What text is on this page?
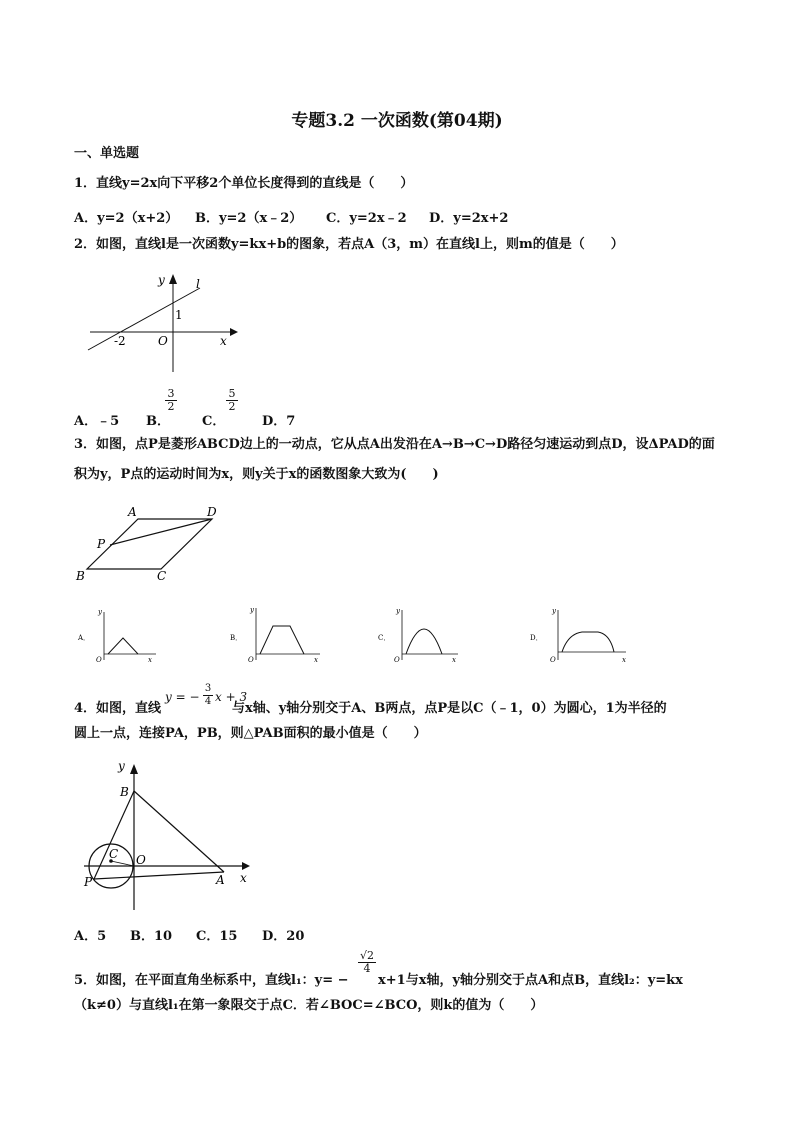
专题3.2 一次函数(第04期)
一、单选题
1．直线y=2x向下平移2个单位长度得到的直线是（　　）
A．y=2（x+2） B．y=2（x﹣2） C．y=2x﹣2 D．y=2x+2
2．如图，直线l是一次函数y=kx+b的图象，若点A（3，m）在直线l上，则m的值是（　　）
y	l
1
-2	O	x
A．﹣5 B．
$\frac{3}{2}$
C．
$\frac{5}{2}$
D．7
3．如图，点P是菱形ABCD边上的一动点，它从点A出发沿在A→B→C→D路径匀速运动到点D，设ΔPAD的面
积为y，P点的运动时间为x，则y关于x的函数图象大致为(　　)
A	D
P
B	C
A．
y
O	x
B．
y
O	x
C．
y
O	x
D．
y
O	x
4．如图，直线
y = − $\frac{3}{4}$ x + 3
与x轴、y轴分别交于A、B两点，点P是以C（﹣1，0）为圆心，1为半径的
圆上一点，连接PA，PB，则△PAB面积的最小值是（　　）
y
B
C O
P	A x
A．5 B．10 C．15 D．20
5．如图，在平面直角坐标系中，直线l₁：y= −
$\frac{√2}{4}$
x+1与x轴，y轴分别交于点A和点B，直线l₂：y=kx
（k≠0）与直线l₁在第一象限交于点C．若∠BOC=∠BCO，则k的值为（　　）
